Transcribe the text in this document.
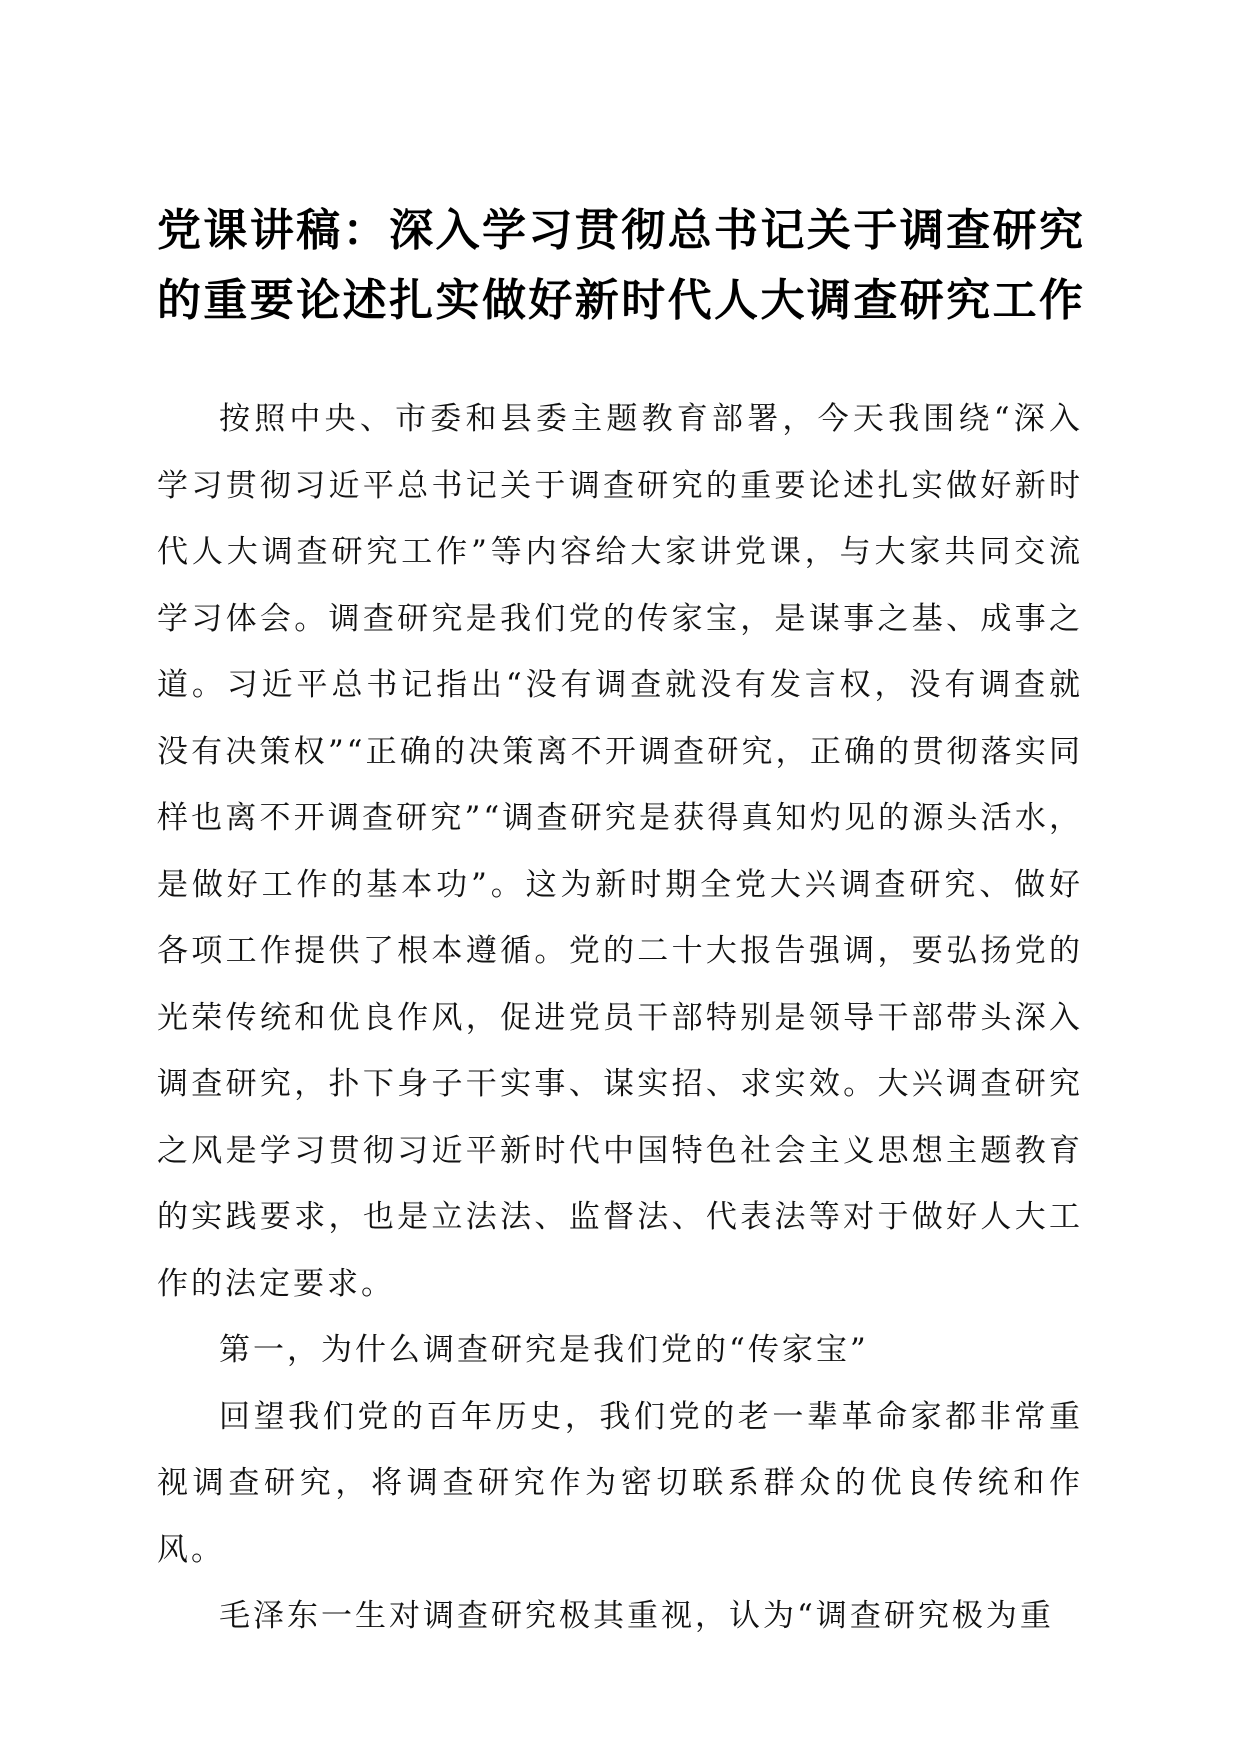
党课讲稿：深入学习贯彻总书记关于调查研究
的重要论述扎实做好新时代人大调查研究工作

按照中央、市委和县委主题教育部署，今天我围绕“深入学习贯彻习近平总书记关于调查研究的重要论述扎实做好新时代人大调查研究工作”等内容给大家讲党课，与大家共同交流学习体会。调查研究是我们党的传家宝，是谋事之基、成事之道。习近平总书记指出“没有调查就没有发言权，没有调查就没有决策权”“正确的决策离不开调查研究，正确的贯彻落实同样也离不开调查研究”“调查研究是获得真知灼见的源头活水，是做好工作的基本功”。这为新时期全党大兴调查研究、做好各项工作提供了根本遵循。党的二十大报告强调，要弘扬党的光荣传统和优良作风，促进党员干部特别是领导干部带头深入调查研究，扑下身子干实事、谋实招、求实效。大兴调查研究之风是学习贯彻习近平新时代中国特色社会主义思想主题教育的实践要求，也是立法法、监督法、代表法等对于做好人大工作的法定要求。

第一，为什么调查研究是我们党的“传家宝”

回望我们党的百年历史，我们党的老一辈革命家都非常重视调查研究，将调查研究作为密切联系群众的优良传统和作风。

毛泽东一生对调查研究极其重视，认为“调查研究极为重
